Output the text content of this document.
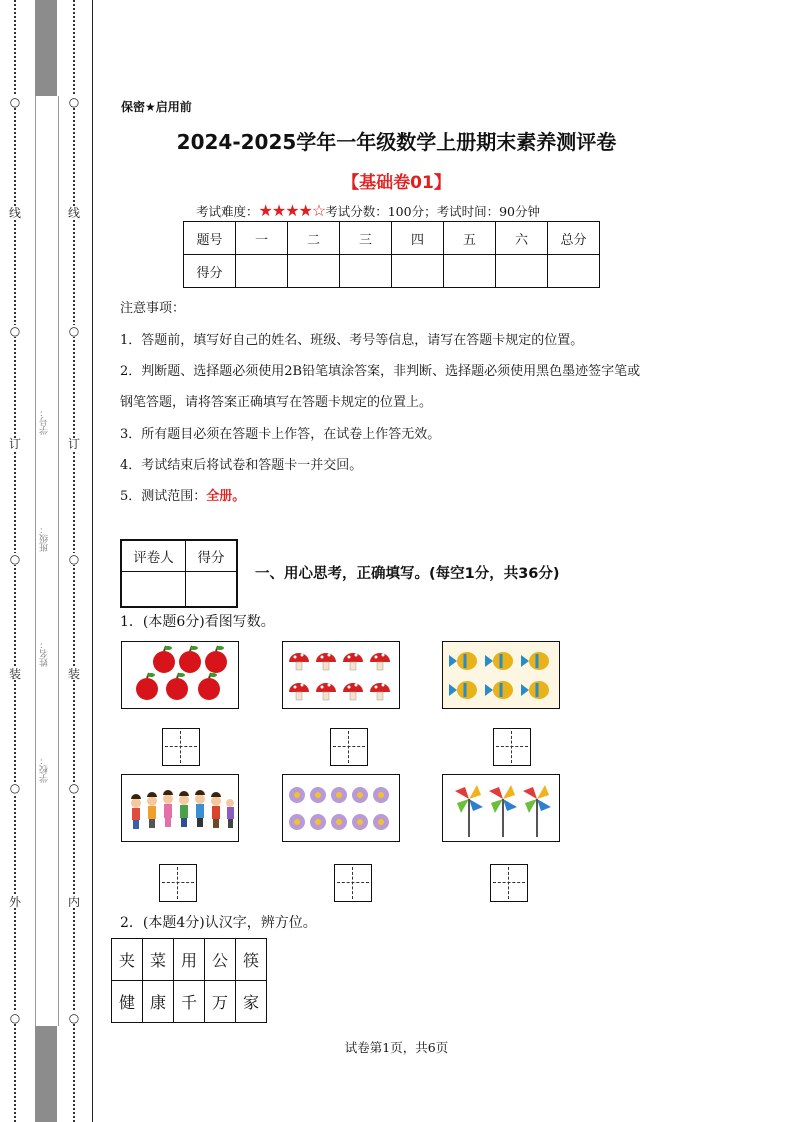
○
线
○
订
○
装
○
外
○
学号：
班级：
姓名：
学校：
○
线
○
订
○
装
○
内
○
保密★启用前
2024-2025学年一年级数学上册期末素养测评卷
【基础卷01】
考试难度：★★★★☆考试分数：100分；考试时间：90分钟
题号	一	二	三	四	五	六	总分
得分							
注意事项：
1．答题前，填写好自己的姓名、班级、考号等信息，请写在答题卡规定的位置。
2．判断题、选择题必须使用2B铅笔填涂答案，非判断、选择题必须使用黑色墨迹签字笔或
钢笔答题，请将答案正确填写在答题卡规定的位置上。
3．所有题目必须在答题卡上作答，在试卷上作答无效。
4．考试结束后将试卷和答题卡一并交回。
5．测试范围：全册。
评卷人	得分

一、用心思考，正确填写。(每空1分，共36分)
1．(本题6分)看图写数。
2．(本题4分)认汉字，辨方位。
夹	菜	用	公	筷
健	康	千	万	家
试卷第1页，共6页
